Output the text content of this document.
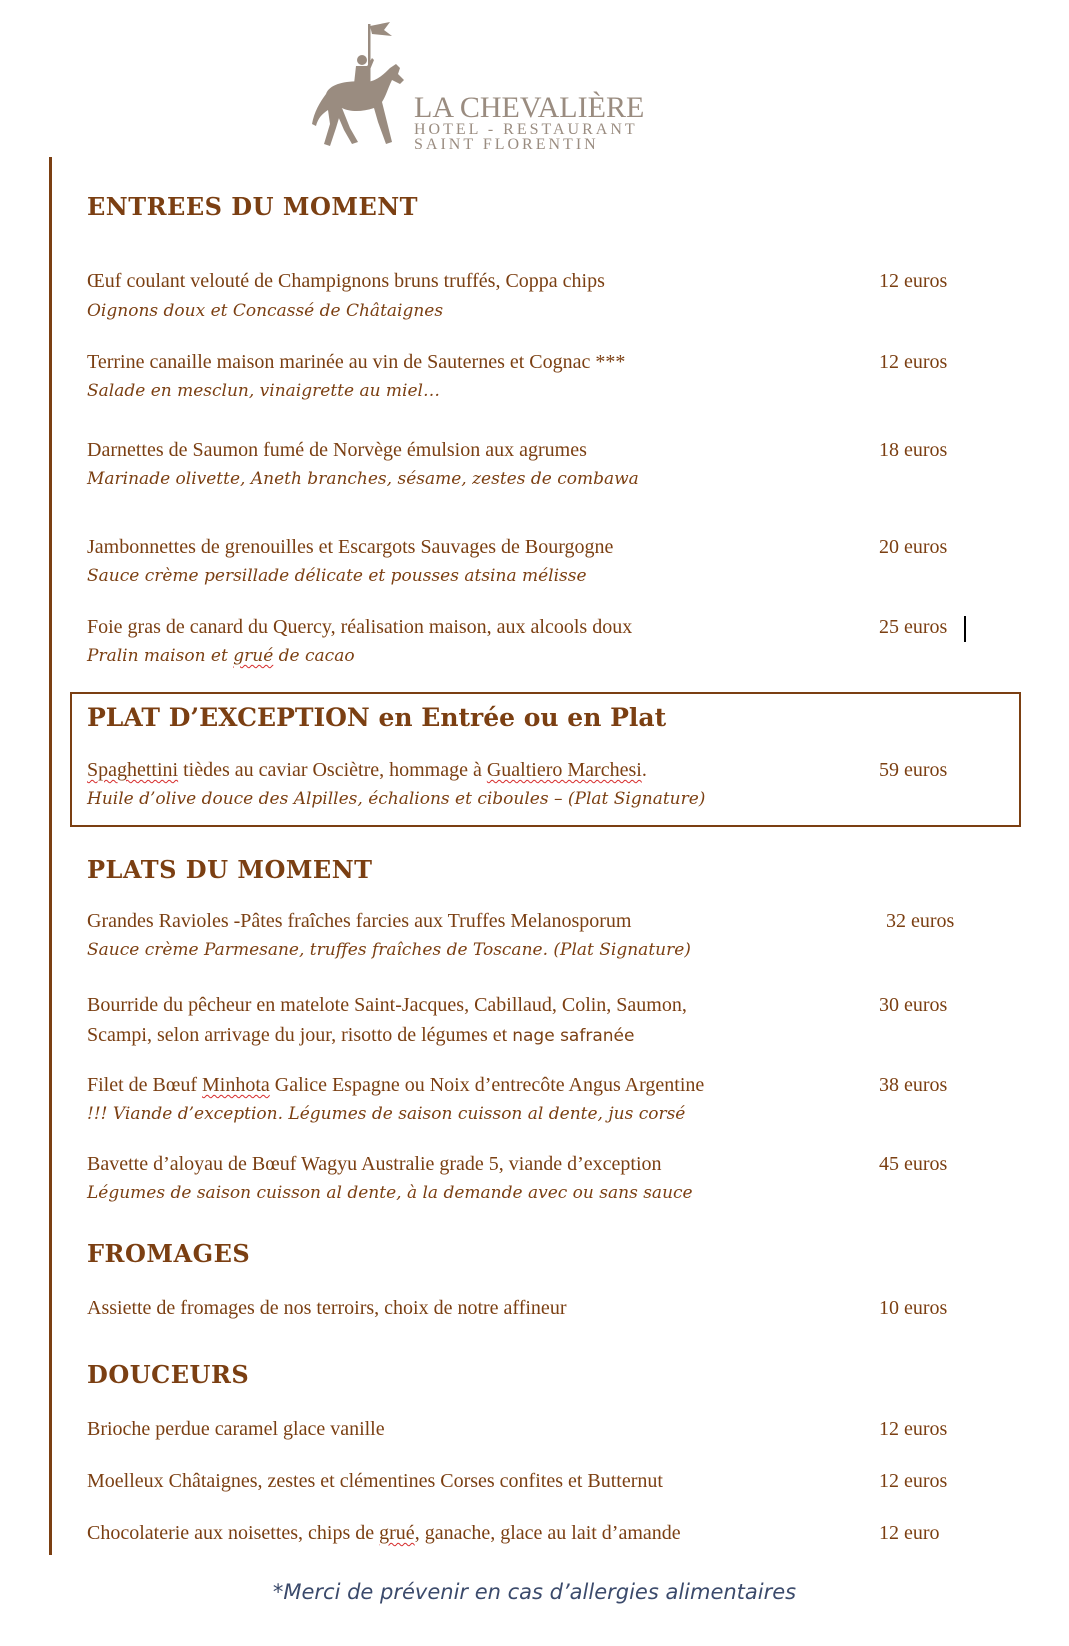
LA CHEVALIÈRE
HOTEL - RESTAURANT
SAINT FLORENTIN
ENTREES DU MOMENT
Œuf coulant velouté de Champignons bruns truffés, Coppa chips	12 euros
Oignons doux et Concassé de Châtaignes
Terrine canaille maison marinée au vin de Sauternes et Cognac ***	12 euros
Salade en mesclun, vinaigrette au miel…
Darnettes de Saumon fumé de Norvège émulsion aux agrumes	18 euros
Marinade olivette, Aneth branches, sésame, zestes de combawa
Jambonnettes de grenouilles et Escargots Sauvages de Bourgogne	20 euros
Sauce crème persillade délicate et pousses atsina mélisse
Foie gras de canard du Quercy, réalisation maison, aux alcools doux	25 euros
Pralin maison et grué de cacao
PLAT D’EXCEPTION en Entrée ou en Plat
Spaghettini tièdes au caviar Osciètre, hommage à Gualtiero Marchesi.	59 euros
Huile d’olive douce des Alpilles, échalions et ciboules – (Plat Signature)
PLATS DU MOMENT
Grandes Ravioles -Pâtes fraîches farcies aux Truffes Melanosporum	32 euros
Sauce crème Parmesane, truffes fraîches de Toscane. (Plat Signature)
Bourride du pêcheur en matelote Saint-Jacques, Cabillaud, Colin, Saumon,	30 euros
Scampi, selon arrivage du jour, risotto de légumes et nage safranée
Filet de Bœuf Minhota Galice Espagne ou Noix d’entrecôte Angus Argentine	38 euros
!!! Viande d’exception. Légumes de saison cuisson al dente, jus corsé
Bavette d’aloyau de Bœuf Wagyu Australie grade 5, viande d’exception	45 euros
Légumes de saison cuisson al dente, à la demande avec ou sans sauce
FROMAGES
Assiette de fromages de nos terroirs, choix de notre affineur	10 euros
DOUCEURS
Brioche perdue caramel glace vanille	12 euros
Moelleux Châtaignes, zestes et clémentines Corses confites et Butternut	12 euros
Chocolaterie aux noisettes, chips de grué, ganache, glace au lait d’amande	12 euro
*Merci de prévenir en cas d’allergies alimentaires
